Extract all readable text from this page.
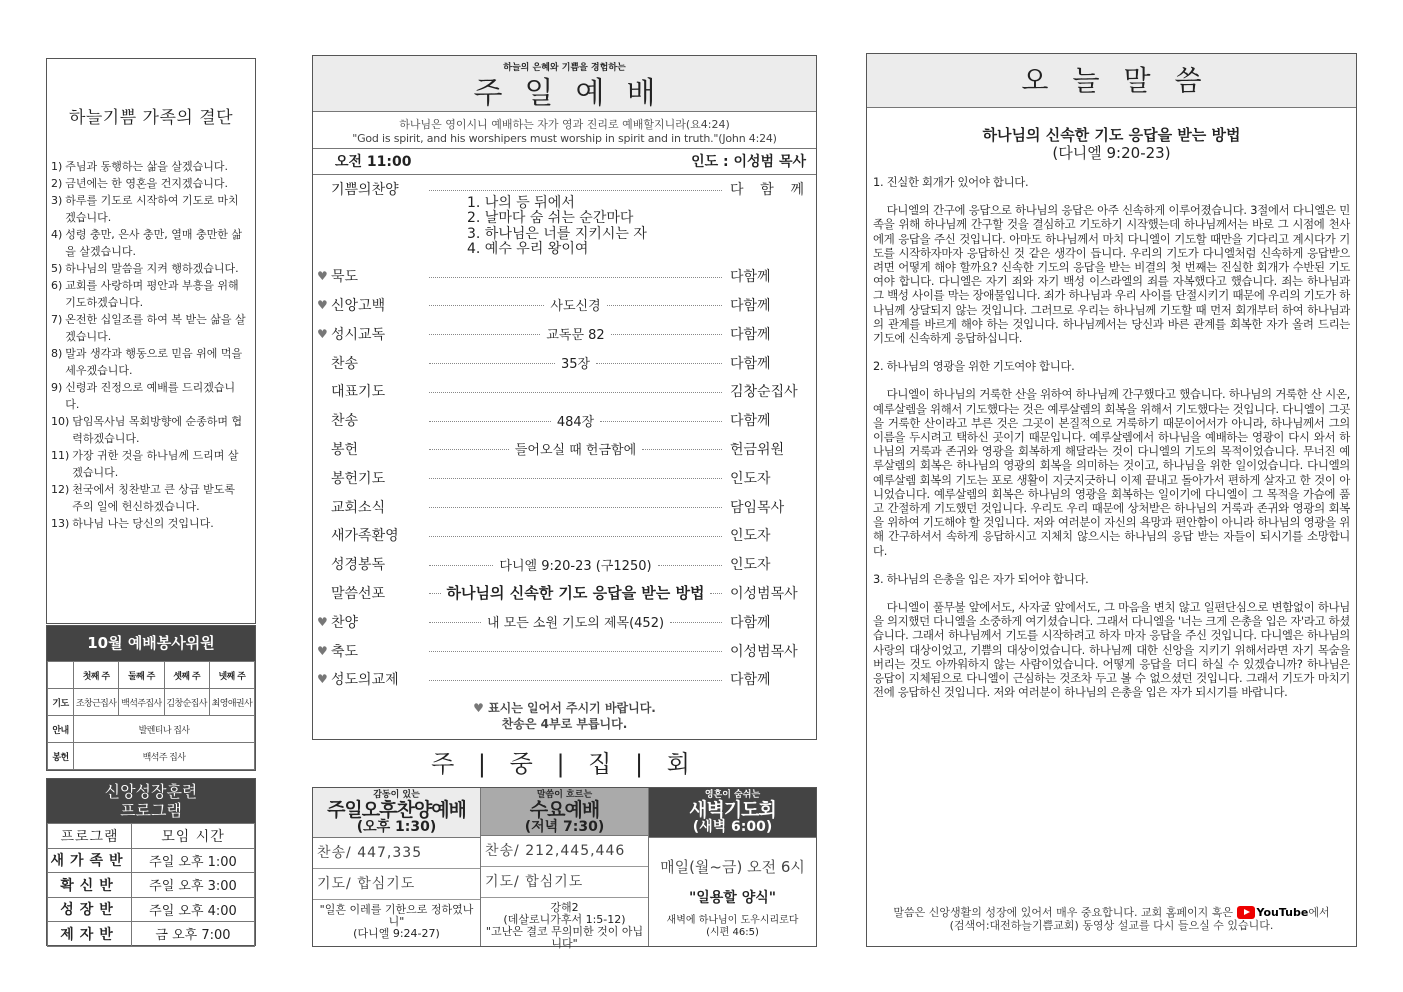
하늘기쁨 가족의 결단
1) 주님과 동행하는 삶을 살겠습니다.
2) 금년에는 한 영혼을 건지겠습니다.
3) 하루를 기도로 시작하여 기도로 마치겠습니다.
4) 성령 충만, 은사 충만, 열매 충만한 삶을 살겠습니다.
5) 하나님의 말씀을 지켜 행하겠습니다.
6) 교회를 사랑하며 평안과 부흥을 위해 기도하겠습니다.
7) 온전한 십일조를 하여 복 받는 삶을 살겠습니다.
8) 말과 생각과 행동으로 믿음 위에 먹을 세우겠습니다.
9) 신령과 진정으로 예배를 드리겠습니다.
10) 담임목사님 목회방향에 순종하며 협력하겠습니다.
11) 가장 귀한 것을 하나님께 드리며 살겠습니다.
12) 천국에서 칭찬받고 큰 상급 받도록 주의 일에 헌신하겠습니다.
13) 하나님 나는 당신의 것입니다.
10월 예배봉사위원
	첫째 주	둘째 주	셋째 주	넷째 주
기도	조창근집사	백석주집사	김창순집사	최영애권사
안내	발렌티나 집사			
봉헌	백석주 집사			
신앙성장훈련
프로그램
프로그램	모임 시간
새가족반	주일 오후 1:00
확신반	주일 오후 3:00
성장반	주일 오후 4:00
제자반	금 오후 7:00
하늘의 은혜와 기쁨을 경험하는
주일예배
하나님은 영이시니 예배하는 자가 영과 진리로 예배할지니라(요4:24)
"God is spirit, and his worshipers must worship in spirit and in truth."(John 4:24)
오전 11:00	인도 : 이성범 목사
기쁨의찬양	다 함 께
1. 나의 등 뒤에서
2. 날마다 숨 쉬는 순간마다
3. 하나님은 너를 지키시는 자
4. 예수 우리 왕이여
♥ 묵도	다함께
♥ 신앙고백	사도신경	다함께
♥ 성시교독	교독문 82	다함께
찬송	35장	다함께
대표기도	김창순집사
찬송	484장	다함께
봉헌	들어오실 때 헌금함에	헌금위원
봉헌기도	인도자
교회소식	담임목사
새가족환영	인도자
성경봉독	다니엘 9:20-23 (구1250)	인도자
말씀선포	하나님의 신속한 기도 응답을 받는 방법	이성범목사
♥ 찬양	내 모든 소원 기도의 제목(452)	다함께
♥ 축도	이성범목사
♥ 성도의교제	다함께
♥ 표시는 일어서 주시기 바랍니다.
찬송은 4부로 부릅니다.
주 | 중 | 집 | 회
감동이 있는
주일오후찬양예배
(오후 1:30)
찬송/ 447,335
기도/ 합심기도
"일흔 이레를 기한으로 정하였나니"
(다니엘 9:24-27)
말씀이 흐르는
수요예배
(저녁 7:30)
찬송/ 212,445,446
기도/ 합심기도
강해2
(데살로니가후서 1:5-12)
"고난은 결코 무의미한 것이 아닙니다"
영혼이 숨쉬는
새벽기도회
(새벽 6:00)
매일(월~금) 오전 6시
"일용할 양식"
새벽에 하나님이 도우시리로다
(시편 46:5)
오늘말씀
하나님의 신속한 기도 응답을 받는 방법
(다니엘 9:20-23)
1. 진실한 회개가 있어야 합니다.

다니엘의 간구에 응답으로 하나님의 응답은 아주 신속하게 이루어졌습니다. 3절에서 다니엘은 민족을 위해 하나님께 간구할 것을 결심하고 기도하기 시작했는데 하나님께서는 바로 그 시점에 천사에게 응답을 주신 것입니다. 아마도 하나님께서 마치 다니엘이 기도할 때만을 기다리고 계시다가 기도를 시작하자마자 응답하신 것 같은 생각이 듭니다. 우리의 기도가 다니엘처럼 신속하게 응답받으려면 어떻게 해야 할까요? 신속한 기도의 응답을 받는 비결의 첫 번째는 진실한 회개가 수반된 기도여야 합니다. 다니엘은 자기 죄와 자기 백성 이스라엘의 죄를 자복했다고 했습니다. 죄는 하나님과 그 백성 사이를 막는 장애물입니다. 죄가 하나님과 우리 사이를 단절시키기 때문에 우리의 기도가 하나님께 상달되지 않는 것입니다. 그러므로 우리는 하나님께 기도할 때 먼저 회개부터 하여 하나님과의 관계를 바르게 해야 하는 것입니다. 하나님께서는 당신과 바른 관계를 회복한 자가 올려 드리는 기도에 신속하게 응답하십니다.

2. 하나님의 영광을 위한 기도여야 합니다.

다니엘이 하나님의 거룩한 산을 위하여 하나님께 간구했다고 했습니다. 하나님의 거룩한 산 시온, 예루살렘을 위해서 기도했다는 것은 예루살렘의 회복을 위해서 기도했다는 것입니다. 다니엘이 그곳을 거룩한 산이라고 부른 것은 그곳이 본질적으로 거룩하기 때문이어서가 아니라, 하나님께서 그의 이름을 두시려고 택하신 곳이기 때문입니다. 예루살렘에서 하나님을 예배하는 영광이 다시 와서 하나님의 거룩과 존귀와 영광을 회복하게 해달라는 것이 다니엘의 기도의 목적이었습니다. 무너진 예루살렘의 회복은 하나님의 영광의 회복을 의미하는 것이고, 하나님을 위한 일이었습니다. 다니엘의 예루살렘 회복의 기도는 포로 생활이 지긋지긋하니 이제 끝내고 돌아가서 편하게 살자고 한 것이 아니었습니다. 예루살렘의 회복은 하나님의 영광을 회복하는 일이기에 다니엘이 그 목적을 가슴에 품고 간절하게 기도했던 것입니다. 우리도 우리 때문에 상처받은 하나님의 거룩과 존귀와 영광의 회복을 위하여 기도해야 할 것입니다. 저와 여러분이 자신의 욕망과 편안함이 아니라 하나님의 영광을 위해 간구하셔서 속하게 응답하시고 지체치 않으시는 하나님의 응답 받는 자들이 되시기를 소망합니다.

3. 하나님의 은총을 입은 자가 되어야 합니다.

다니엘이 풀무불 앞에서도, 사자굴 앞에서도, 그 마음을 변치 않고 일편단심으로 변함없이 하나님을 의지했던 다니엘을 소중하게 여기셨습니다. 그래서 다니엘을 '너는 크게 은총을 입은 자'라고 하셨습니다. 그래서 하나님께서 기도를 시작하려고 하자 마자 응답을 주신 것입니다. 다니엘은 하나님의 사랑의 대상이었고, 기쁨의 대상이었습니다. 하나님께 대한 신앙을 지키기 위해서라면 자기 목숨을 버리는 것도 아까워하지 않는 사람이었습니다. 어떻게 응답을 더디 하실 수 있겠습니까? 하나님은 응답이 지체됨으로 다니엘이 근심하는 것조차 두고 볼 수 없으셨던 것입니다. 그래서 기도가 마치기 전에 응답하신 것입니다. 저와 여러분이 하나님의 은총을 입은 자가 되시기를 바랍니다.

말씀은 신앙생활의 성장에 있어서 매우 중요합니다. 교회 홈페이지 혹은 YouTube 에서
(검색어:대전하늘기쁨교회) 동영상 설교를 다시 들으실 수 있습니다.
